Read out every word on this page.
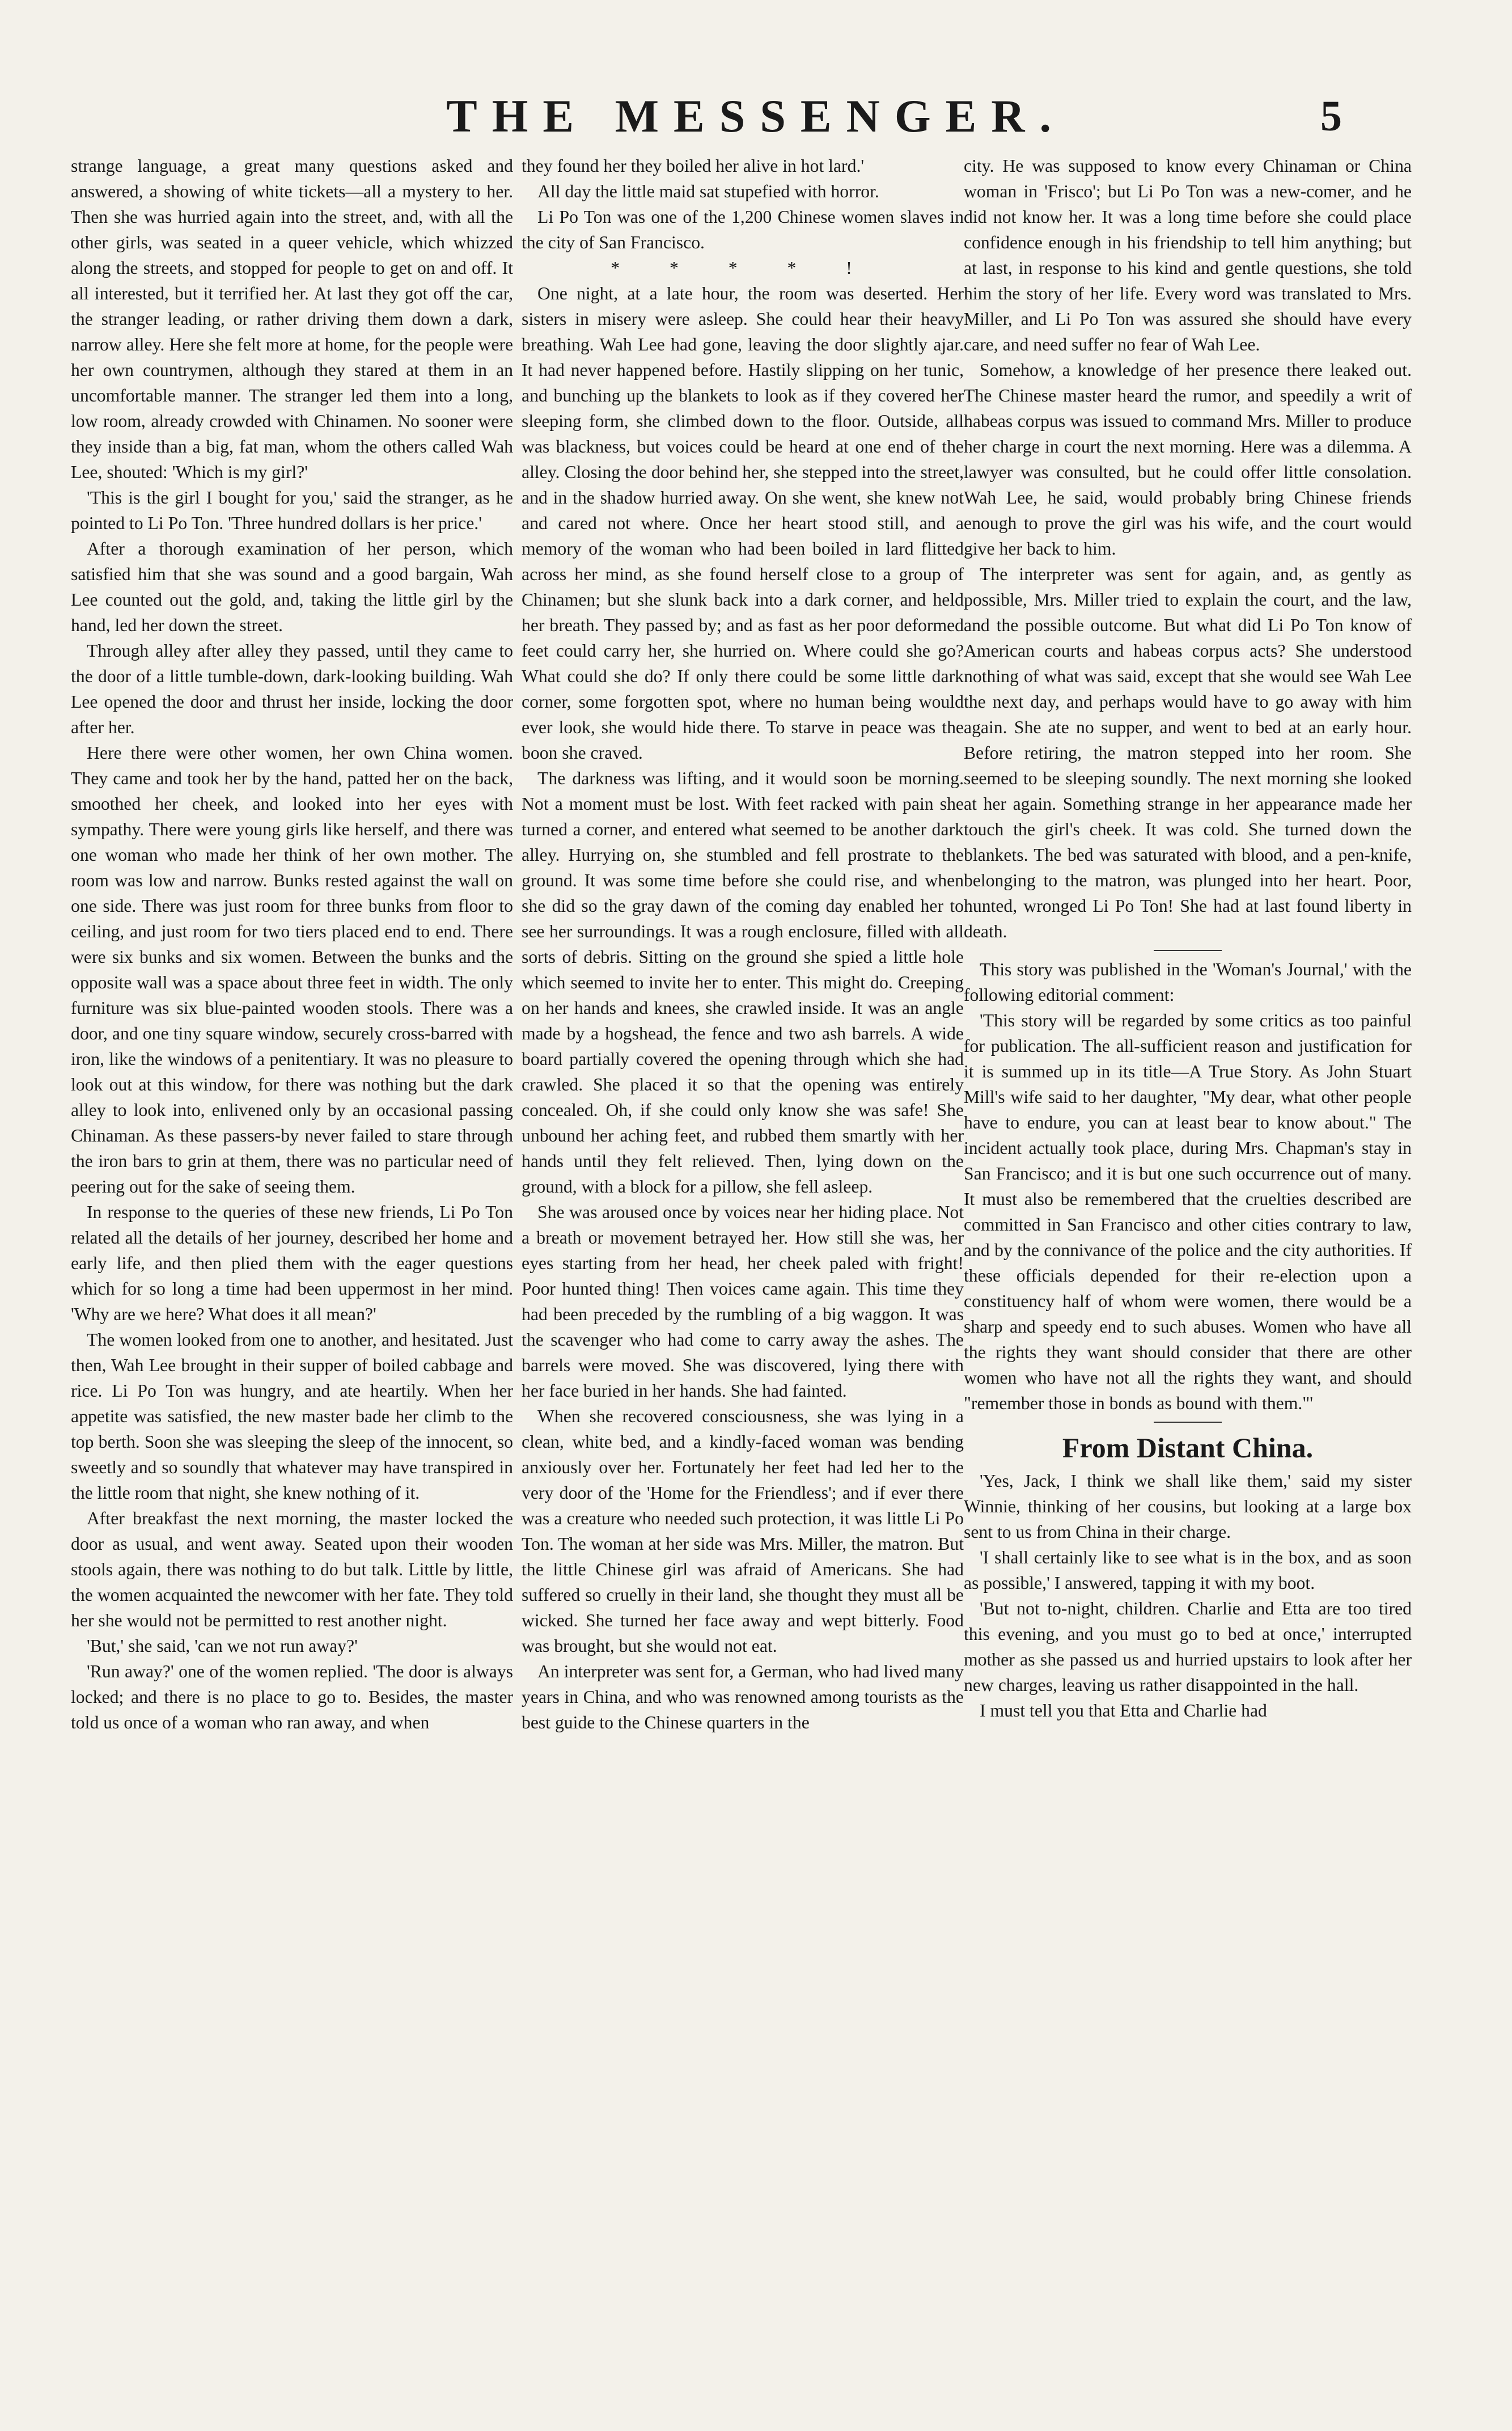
THE MESSENGER.	5

strange language, a great many questions asked and answered, a showing of white tickets—all a mystery to her. Then she was hurried again into the street, and, with all the other girls, was seated in a queer vehicle, which whizzed along the streets, and stopped for people to get on and off. It all interested, but it terrified her. At last they got off the car, the stranger leading, or rather driving them down a dark, narrow alley. Here she felt more at home, for the people were her own countrymen, although they stared at them in an uncomfortable manner. The stranger led them into a long, low room, already crowded with Chinamen. No sooner were they inside than a big, fat man, whom the others called Wah Lee, shouted: 'Which is my girl?'

'This is the girl I bought for you,' said the stranger, as he pointed to Li Po Ton. 'Three hundred dollars is her price.'

After a thorough examination of her person, which satisfied him that she was sound and a good bargain, Wah Lee counted out the gold, and, taking the little girl by the hand, led her down the street.

Through alley after alley they passed, until they came to the door of a little tumble-down, dark-looking building. Wah Lee opened the door and thrust her inside, locking the door after her.

Here there were other women, her own China women. They came and took her by the hand, patted her on the back, smoothed her cheek, and looked into her eyes with sympathy. There were young girls like herself, and there was one woman who made her think of her own mother. The room was low and narrow. Bunks rested against the wall on one side. There was just room for three bunks from floor to ceiling, and just room for two tiers placed end to end. There were six bunks and six women. Between the bunks and the opposite wall was a space about three feet in width. The only furniture was six blue-painted wooden stools. There was a door, and one tiny square window, securely cross-barred with iron, like the windows of a penitentiary. It was no pleasure to look out at this window, for there was nothing but the dark alley to look into, enlivened only by an occasional passing Chinaman. As these passers-by never failed to stare through the iron bars to grin at them, there was no particular need of peering out for the sake of seeing them.

In response to the queries of these new friends, Li Po Ton related all the details of her journey, described her home and early life, and then plied them with the eager questions which for so long a time had been uppermost in her mind. 'Why are we here? What does it all mean?'

The women looked from one to another, and hesitated. Just then, Wah Lee brought in their supper of boiled cabbage and rice. Li Po Ton was hungry, and ate heartily. When her appetite was satisfied, the new master bade her climb to the top berth. Soon she was sleeping the sleep of the innocent, so sweetly and so soundly that whatever may have transpired in the little room that night, she knew nothing of it.

After breakfast the next morning, the master locked the door as usual, and went away. Seated upon their wooden stools again, there was nothing to do but talk. Little by little, the women acquainted the newcomer with her fate. They told her she would not be permitted to rest another night.

'But,' she said, 'can we not run away?'

'Run away?' one of the women replied. 'The door is always locked; and there is no place to go to. Besides, the master told us once of a woman who ran away, and when

they found her they boiled her alive in hot lard.'

All day the little maid sat stupefied with horror.

Li Po Ton was one of the 1,200 Chinese women slaves in the city of San Francisco.

* * * * !

One night, at a late hour, the room was deserted. Her sisters in misery were asleep. She could hear their heavy breathing. Wah Lee had gone, leaving the door slightly ajar. It had never happened before. Hastily slipping on her tunic, and bunching up the blankets to look as if they covered her sleeping form, she climbed down to the floor. Outside, all was blackness, but voices could be heard at one end of the alley. Closing the door behind her, she stepped into the street, and in the shadow hurried away. On she went, she knew not and cared not where. Once her heart stood still, and a memory of the woman who had been boiled in lard flitted across her mind, as she found herself close to a group of Chinamen; but she slunk back into a dark corner, and held her breath. They passed by; and as fast as her poor deformed feet could carry her, she hurried on. Where could she go? What could she do? If only there could be some little dark corner, some forgotten spot, where no human being would ever look, she would hide there. To starve in peace was the boon she craved.

The darkness was lifting, and it would soon be morning. Not a moment must be lost. With feet racked with pain she turned a corner, and entered what seemed to be another dark alley. Hurrying on, she stumbled and fell prostrate to the ground. It was some time before she could rise, and when she did so the gray dawn of the coming day enabled her to see her surroundings. It was a rough enclosure, filled with all sorts of debris. Sitting on the ground she spied a little hole which seemed to invite her to enter. This might do. Creeping on her hands and knees, she crawled inside. It was an angle made by a hogshead, the fence and two ash barrels. A wide board partially covered the opening through which she had crawled. She placed it so that the opening was entirely concealed. Oh, if she could only know she was safe! She unbound her aching feet, and rubbed them smartly with her hands until they felt relieved. Then, lying down on the ground, with a block for a pillow, she fell asleep.

She was aroused once by voices near her hiding place. Not a breath or movement betrayed her. How still she was, her eyes starting from her head, her cheek paled with fright! Poor hunted thing! Then voices came again. This time they had been preceded by the rumbling of a big waggon. It was the scavenger who had come to carry away the ashes. The barrels were moved. She was discovered, lying there with her face buried in her hands. She had fainted.

When she recovered consciousness, she was lying in a clean, white bed, and a kindly-faced woman was bending anxiously over her. Fortunately her feet had led her to the very door of the 'Home for the Friendless'; and if ever there was a creature who needed such protection, it was little Li Po Ton. The woman at her side was Mrs. Miller, the matron. But the little Chinese girl was afraid of Americans. She had suffered so cruelly in their land, she thought they must all be wicked. She turned her face away and wept bitterly. Food was brought, but she would not eat.

An interpreter was sent for, a German, who had lived many years in China, and who was renowned among tourists as the best guide to the Chinese quarters in the

city. He was supposed to know every Chinaman or China woman in 'Frisco'; but Li Po Ton was a new-comer, and he did not know her. It was a long time before she could place confidence enough in his friendship to tell him anything; but at last, in response to his kind and gentle questions, she told him the story of her life. Every word was translated to Mrs. Miller, and Li Po Ton was assured she should have every care, and need suffer no fear of Wah Lee.

Somehow, a knowledge of her presence there leaked out. The Chinese master heard the rumor, and speedily a writ of habeas corpus was issued to command Mrs. Miller to produce her charge in court the next morning. Here was a dilemma. A lawyer was consulted, but he could offer little consolation. Wah Lee, he said, would probably bring Chinese friends enough to prove the girl was his wife, and the court would give her back to him.

The interpreter was sent for again, and, as gently as possible, Mrs. Miller tried to explain the court, and the law, and the possible outcome. But what did Li Po Ton know of American courts and habeas corpus acts? She understood nothing of what was said, except that she would see Wah Lee the next day, and perhaps would have to go away with him again. She ate no supper, and went to bed at an early hour. Before retiring, the matron stepped into her room. She seemed to be sleeping soundly. The next morning she looked at her again. Something strange in her appearance made her touch the girl's cheek. It was cold. She turned down the blankets. The bed was saturated with blood, and a pen-knife, belonging to the matron, was plunged into her heart. Poor, hunted, wronged Li Po Ton! She had at last found liberty in death.

This story was published in the 'Woman's Journal,' with the following editorial comment:

'This story will be regarded by some critics as too painful for publication. The all-sufficient reason and justification for it is summed up in its title—A True Story. As John Stuart Mill's wife said to her daughter, "My dear, what other people have to endure, you can at least bear to know about." The incident actually took place, during Mrs. Chapman's stay in San Francisco; and it is but one such occurrence out of many. It must also be remembered that the cruelties described are committed in San Francisco and other cities contrary to law, and by the connivance of the police and the city authorities. If these officials depended for their re-election upon a constituency half of whom were women, there would be a sharp and speedy end to such abuses. Women who have all the rights they want should consider that there are other women who have not all the rights they want, and should "remember those in bonds as bound with them."'

From Distant China.

'Yes, Jack, I think we shall like them,' said my sister Winnie, thinking of her cousins, but looking at a large box sent to us from China in their charge.

'I shall certainly like to see what is in the box, and as soon as possible,' I answered, tapping it with my boot.

'But not to-night, children. Charlie and Etta are too tired this evening, and you must go to bed at once,' interrupted mother as she passed us and hurried upstairs to look after her new charges, leaving us rather disappointed in the hall.

I must tell you that Etta and Charlie had
